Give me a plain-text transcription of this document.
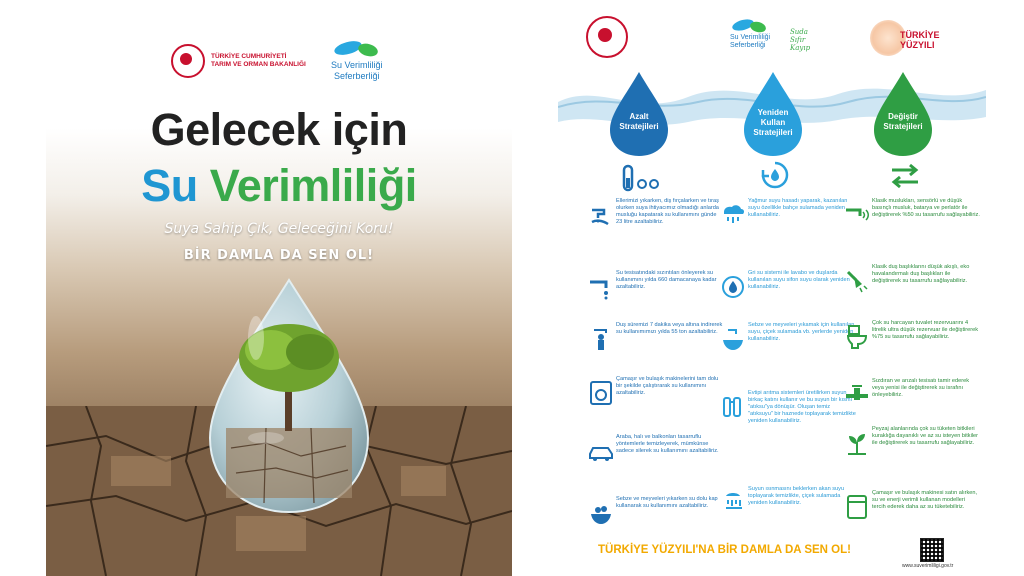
TÜRKİYE CUMHURİYETİ
TARIM VE ORMAN BAKANLIĞI	Su Verimliliği
Seferberliği
Gelecek için
Su Verimliliği
Suya Sahip Çık, Geleceğini Koru!
BİR DAMLA DA SEN OL!
Su Verimliliği
Seferberliği
Suda
Sıfır Kayıp
TÜRKİYE
YÜZYILI
Azalt
Stratejileri
Yeniden
Kullan
Stratejileri
Değiştir
Stratejileri
Ellerimizi yıkarken, diş fırçalarken ve tıraş olurken suya ihtiyacımız olmadığı anlarda musluğu kapatarak su kullanımını günde 23 litre azaltabiliriz.
Su tesisatındaki sızıntıları önleyerek su kullanımını yılda 660 damacanaya kadar azaltabiliriz.
Duş süremizi 7 dakika veya altına indirerek su kullanımımızı yılda 55 ton azaltabiliriz.
Çamaşır ve bulaşık makinelerini tam dolu bir şekilde çalıştırarak su kullanımını azaltabiliriz.
Araba, halı ve balkonları tasarruflu yöntemlerle temizleyerek, mümkünse sadece silerek su kullanımını azaltabiliriz.
Sebze ve meyveleri yıkarken su dolu kap kullanarak su kullanımını azaltabiliriz.
Yağmur suyu hasadı yaparak, kazanılan suyu özellikle bahçe sulamada yeniden kullanabiliriz.
Gri su sistemi ile lavabo ve duşlarda kullanılan suyu sifon suyu olarak yeniden kullanabiliriz.
Sebze ve meyveleri yıkamak için kullanılan suyu, çiçek sulamada vb. yerlerde yeniden kullanabiliriz.
Evtipi arıtma sistemleri üretilirken suyun birkaç katını kullanır ve bu suyun bir kısmı "atıksu"ya dönüşür. Oluşan temiz "atıksuyu" bir haznede toplayarak temizlikte yeniden kullanabiliriz.
Suyun ısınmasını beklerken akan suyu toplayarak temizlikte, çiçek sulamada yeniden kullanabiliriz.
Klasik muslukları, sensörlü ve düşük basınçlı musluk, batarya ve perlatör ile değiştirerek %50 su tasarrufu sağlayabiliriz.
Klasik duş başlıklarını düşük akışlı, eko havalandırmalı duş başlıkları ile değiştirerek su tasarrufu sağlayabiliriz.
Çok su harcayan tuvalet rezervuarını 4 litrelik ultra düşük rezervuar ile değiştirerek %75 su tasarrufu sağlayabiliriz.
Sızdıran ve arızalı tesisatı tamir ederek veya yenisi ile değiştirerek su israfını önleyebiliriz.
Peyzaj alanlarında çok su tüketen bitkileri kuraklığa dayanıklı ve az su isteyen bitkiler ile değiştirerek su tasarrufu sağlayabiliriz.
Çamaşır ve bulaşık makinesi satın alırken, su ve enerji verimli kullanan modelleri tercih ederek daha az su tüketebiliriz.
TÜRKİYE YÜZYILI'NA BİR DAMLA DA SEN OL!
www.suverimliligi.gov.tr
